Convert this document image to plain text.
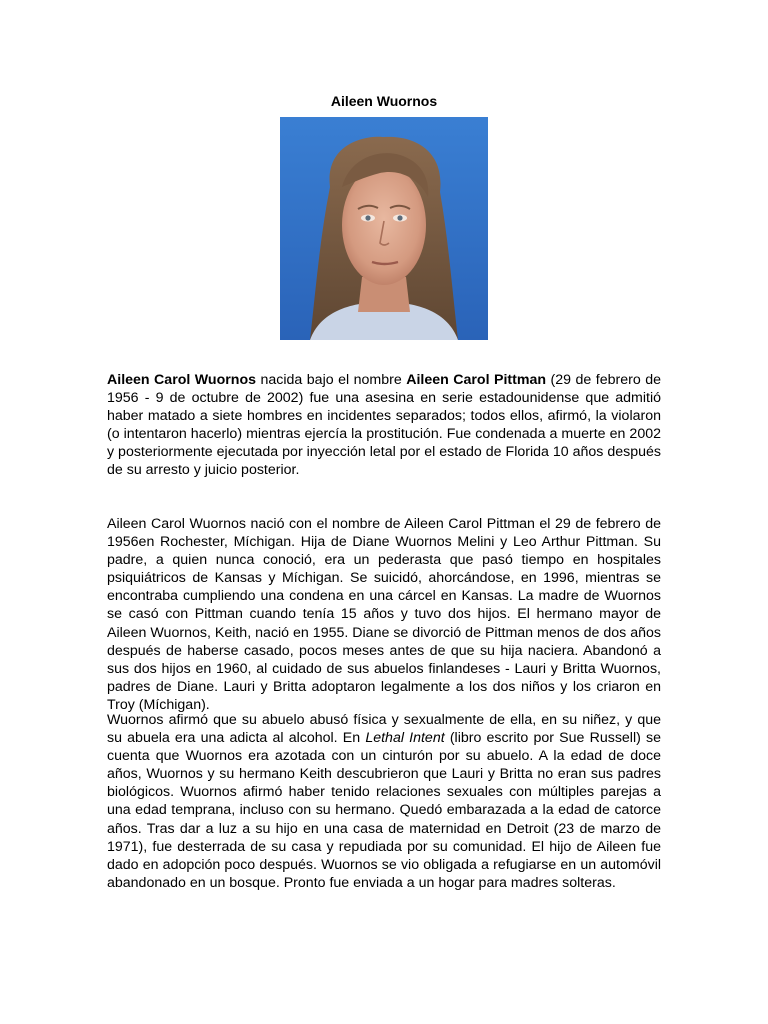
Aileen Wuornos

Aileen Carol Wuornos nacida bajo el nombre Aileen Carol Pittman (29 de febrero de 1956 - 9 de octubre de 2002) fue una asesina en serie estadounidense que admitió haber matado a siete hombres en incidentes separados; todos ellos, afirmó, la violaron (o intentaron hacerlo) mientras ejercía la prostitución. Fue condenada a muerte en 2002 y posteriormente ejecutada por inyección letal por el estado de Florida 10 años después de su arresto y juicio posterior.

Aileen Carol Wuornos nació con el nombre de Aileen Carol Pittman el 29 de febrero de 1956en Rochester, Míchigan. Hija de Diane Wuornos Melini y Leo Arthur Pittman. Su padre, a quien nunca conoció, era un pederasta que pasó tiempo en hospitales psiquiátricos de Kansas y Míchigan. Se suicidó, ahorcándose, en 1996, mientras se encontraba cumpliendo una condena en una cárcel en Kansas. La madre de Wuornos se casó con Pittman cuando tenía 15 años y tuvo dos hijos. El hermano mayor de Aileen Wuornos, Keith, nació en 1955. Diane se divorció de Pittman menos de dos años después de haberse casado, pocos meses antes de que su hija naciera. Abandonó a sus dos hijos en 1960, al cuidado de sus abuelos finlandeses - Lauri y Britta Wuornos, padres de Diane. Lauri y Britta adoptaron legalmente a los dos niños y los criaron en Troy (Míchigan).

Wuornos afirmó que su abuelo abusó física y sexualmente de ella, en su niñez, y que su abuela era una adicta al alcohol. En Lethal Intent (libro escrito por Sue Russell) se cuenta que Wuornos era azotada con un cinturón por su abuelo. A la edad de doce años, Wuornos y su hermano Keith descubrieron que Lauri y Britta no eran sus padres biológicos. Wuornos afirmó haber tenido relaciones sexuales con múltiples parejas a una edad temprana, incluso con su hermano. Quedó embarazada a la edad de catorce años. Tras dar a luz a su hijo en una casa de maternidad en Detroit (23 de marzo de 1971), fue desterrada de su casa y repudiada por su comunidad. El hijo de Aileen fue dado en adopción poco después. Wuornos se vio obligada a refugiarse en un automóvil abandonado en un bosque. Pronto fue enviada a un hogar para madres solteras.
